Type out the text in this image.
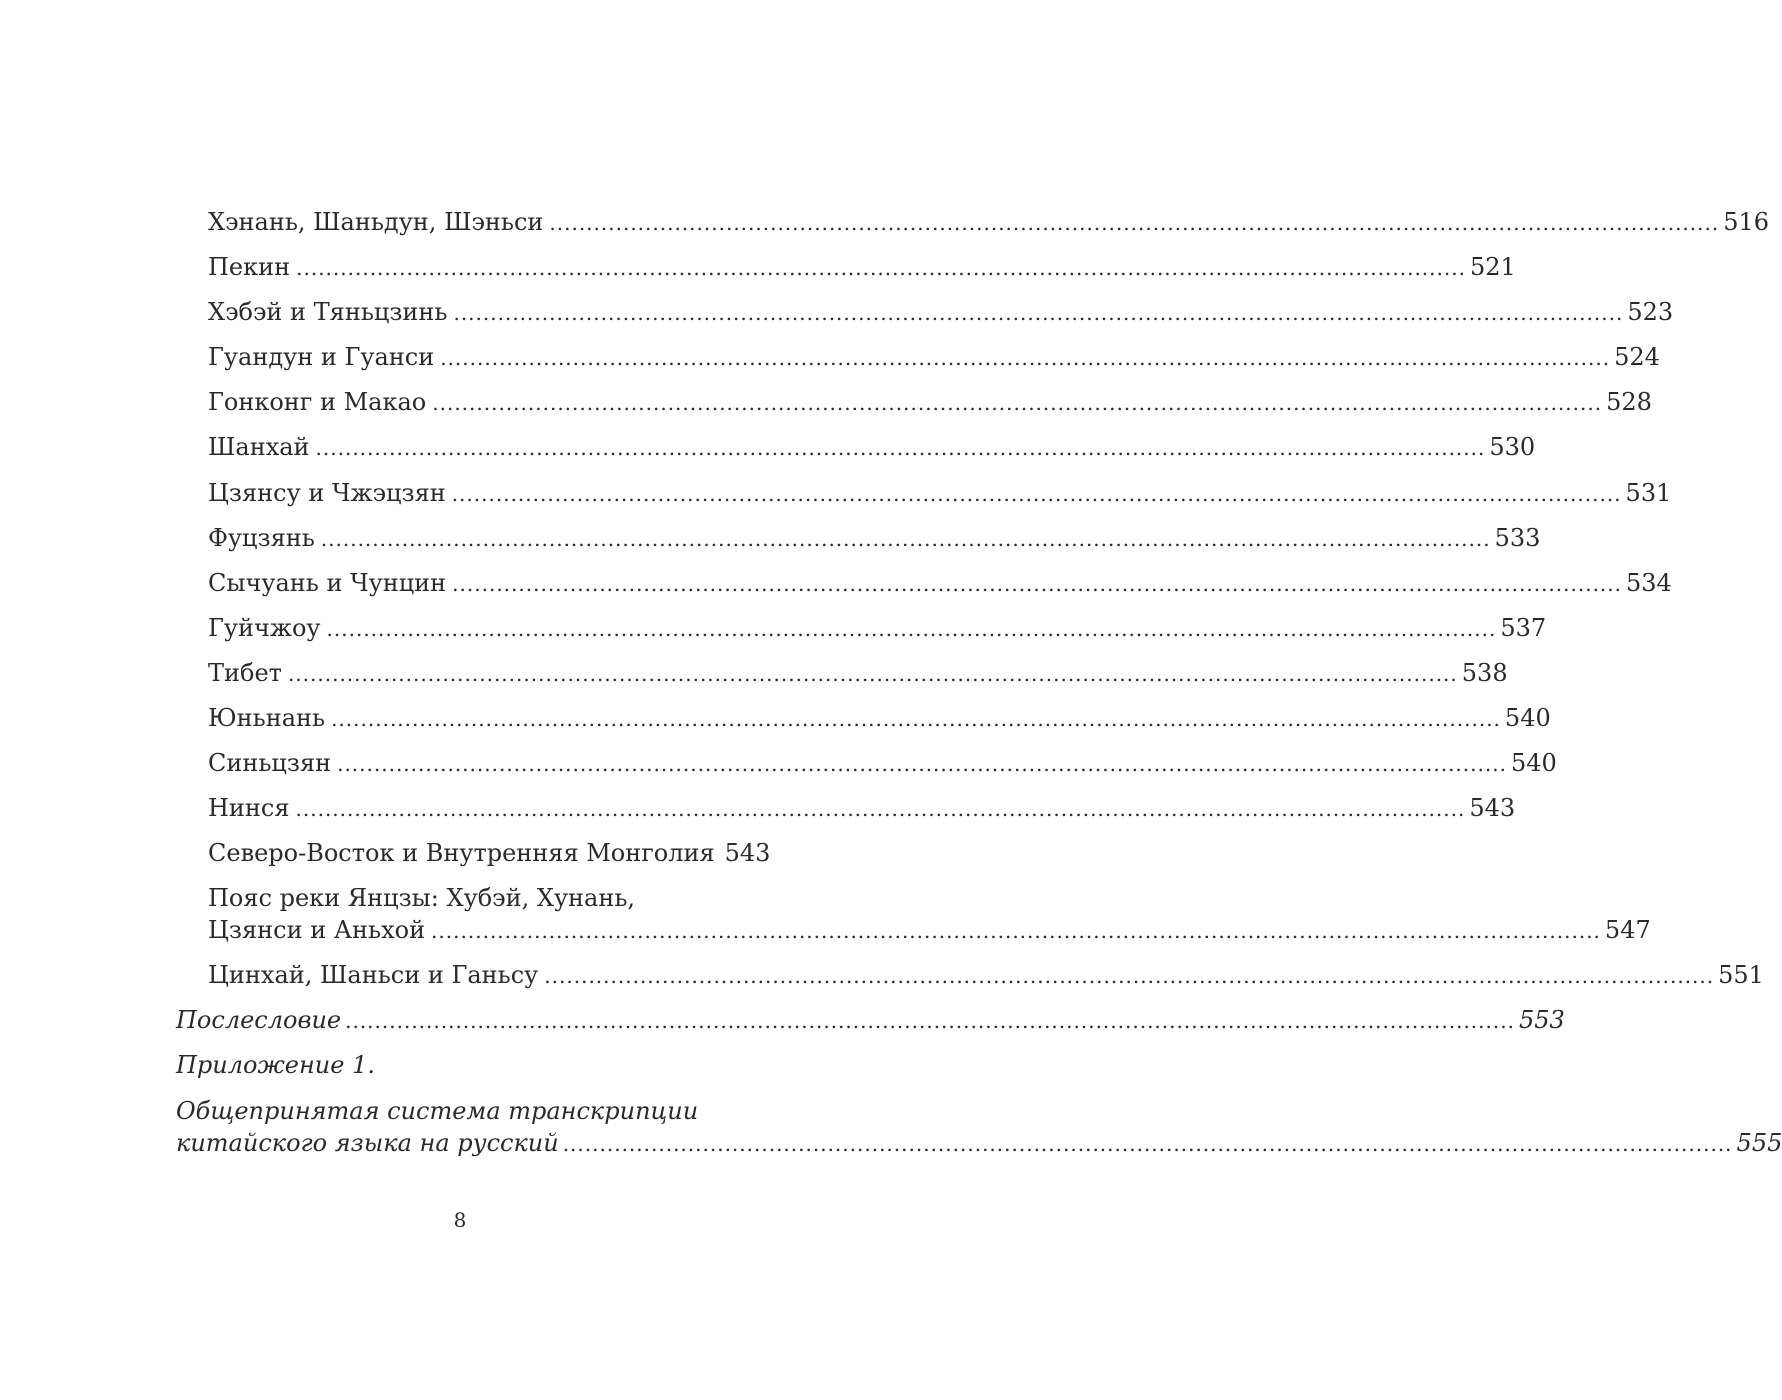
Хэнань, Шаньдун, Шэньси ............................................................................................................................................................... 516
Пекин ............................................................................................................................................................... 521
Хэбэй и Тяньцзинь ............................................................................................................................................................... 523
Гуандун и Гуанси ............................................................................................................................................................... 524
Гонконг и Макао ............................................................................................................................................................... 528
Шанхай ............................................................................................................................................................... 530
Цзянсу и Чжэцзян ............................................................................................................................................................... 531
Фуцзянь ............................................................................................................................................................... 533
Сычуань и Чунцин ............................................................................................................................................................... 534
Гуйчжоу ............................................................................................................................................................... 537
Тибет ............................................................................................................................................................... 538
Юньнань ............................................................................................................................................................... 540
Синьцзян ............................................................................................................................................................... 540
Нинся ............................................................................................................................................................... 543
Северо-Восток и Внутренняя Монголия 543
Пояс реки Янцзы: Хубэй, Хунань,
Цзянси и Аньхой ............................................................................................................................................................... 547
Цинхай, Шаньси и Ганьсу ............................................................................................................................................................... 551
Послесловие ............................................................................................................................................................... 553
Приложение 1.
Общепринятая система транскрипции
китайского языка на русский ............................................................................................................................................................... 555
8
